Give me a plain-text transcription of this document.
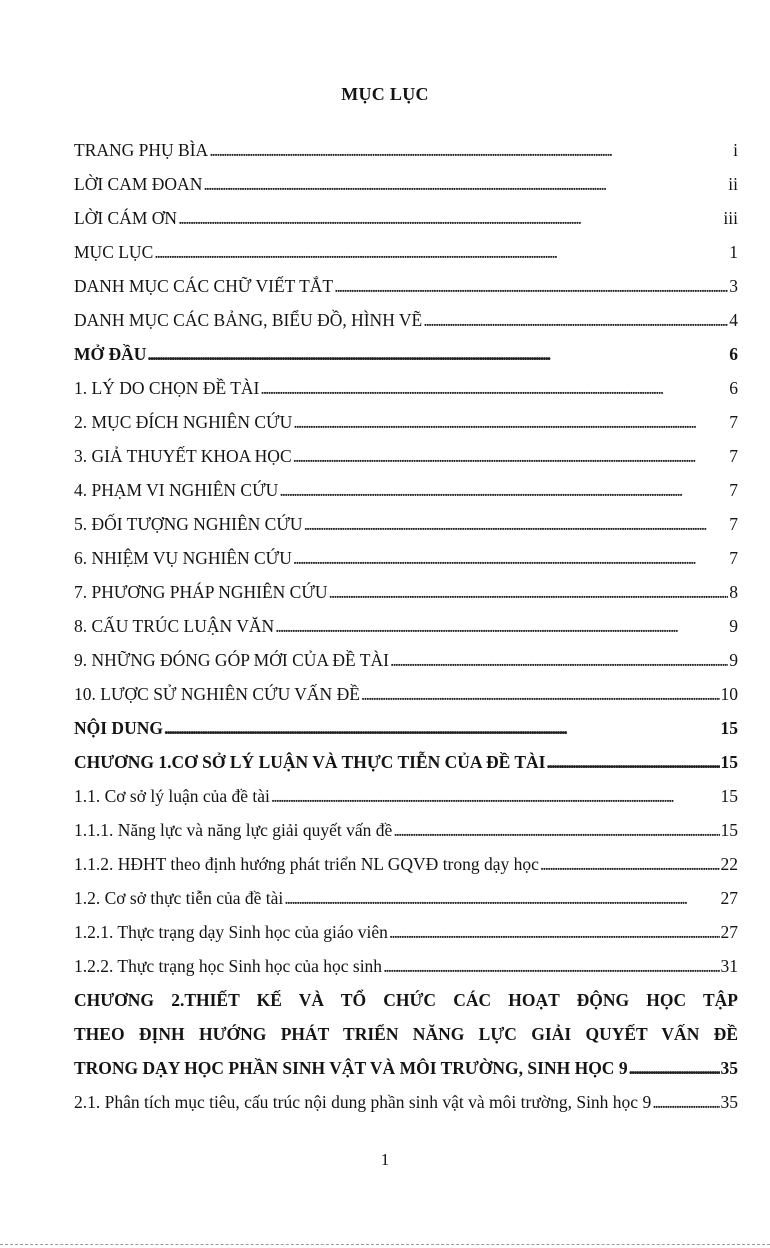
MỤC LỤC
TRANG PHỤ BÌA . . .	i
LỜI CAM ĐOAN . . .	ii
LỜI CÁM ƠN . . .	iii
MỤC LỤC . . .	1
DANH MỤC CÁC CHỮ VIẾT TẮT . . .	3
DANH MỤC CÁC BẢNG, BIỂU ĐỒ, HÌNH VẼ . . .	4
MỞ ĐẦU . . .	6
1. LÝ DO CHỌN ĐỀ TÀI . . .	6
2. MỤC ĐÍCH NGHIÊN CỨU . . .	7
3. GIẢ THUYẾT KHOA HỌC . . .	7
4. PHẠM VI NGHIÊN CỨU . . .	7
5. ĐỐI TƯỢNG NGHIÊN CỨU . . .	7
6. NHIỆM VỤ NGHIÊN CỨU . . .	7
7. PHƯƠNG PHÁP NGHIÊN CỨU . . .	8
8. CẤU TRÚC LUẬN VĂN . . .	9
9. NHỮNG ĐÓNG GÓP MỚI CỦA ĐỀ TÀI . . .	9
10. LƯỢC SỬ NGHIÊN CỨU VẤN ĐỀ . . .	10
NỘI DUNG . . .	15
CHƯƠNG 1.CƠ SỞ LÝ LUẬN VÀ THỰC TIỄN CỦA ĐỀ TÀI . . .	15
1.1. Cơ sở lý luận của đề tài . . .	15
1.1.1. Năng lực và năng lực giải quyết vấn đề . . .	15
1.1.2. HĐHT theo định hướng phát triển NL GQVĐ trong dạy học . . .	22
1.2. Cơ sở thực tiễn của đề tài . . .	27
1.2.1. Thực trạng dạy Sinh học của giáo viên . . .	27
1.2.2. Thực trạng học Sinh học của học sinh . . .	31
CHƯƠNG 2.THIẾT KẾ VÀ TỔ CHỨC CÁC HOẠT ĐỘNG HỌC TẬP
THEO ĐỊNH HƯỚNG PHÁT TRIỂN NĂNG LỰC GIẢI QUYẾT VẤN ĐỀ
TRONG DẠY HỌC PHẦN SINH VẬT VÀ MÔI TRƯỜNG, SINH HỌC 9 . . .	35
2.1. Phân tích mục tiêu, cấu trúc nội dung phần sinh vật và môi trường, Sinh học 9 . . .	35
1
